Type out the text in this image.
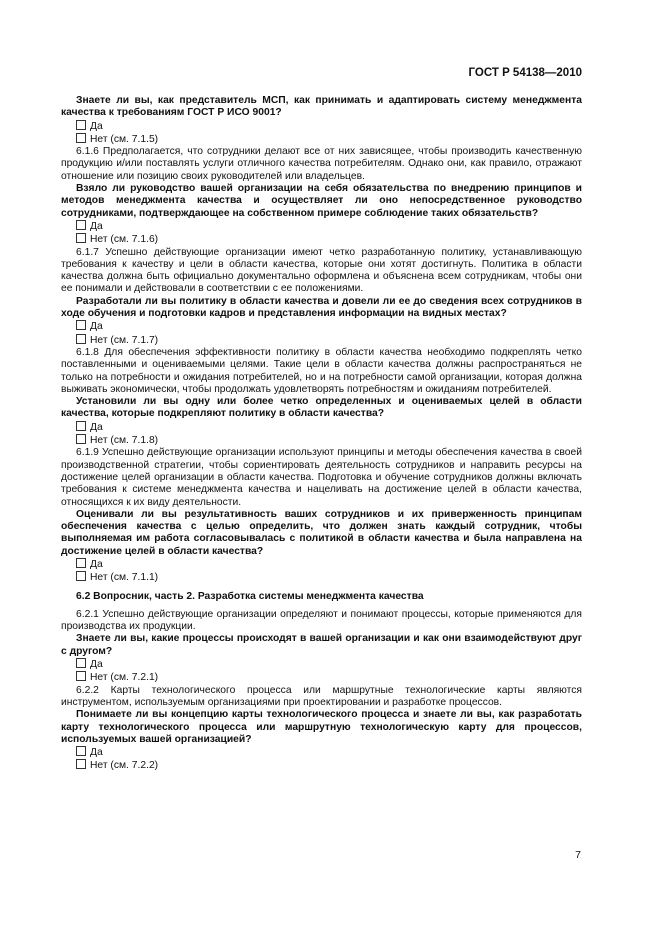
ГОСТ Р 54138—2010
Знаете ли вы, как представитель МСП, как принимать и адаптировать систему менеджмента качества к требованиям ГОСТ Р ИСО 9001?
Да
Нет (см. 7.1.5)
6.1.6 Предполагается, что сотрудники делают все от них зависящее, чтобы производить качественную продукцию и/или поставлять услуги отличного качества потребителям. Однако они, как правило, отражают отношение или позицию своих руководителей или владельцев.
Взяло ли руководство вашей организации на себя обязательства по внедрению принципов и методов менеджмента качества и осуществляет ли оно непосредственное руководство сотрудниками, подтверждающее на собственном примере соблюдение таких обязательств?
Да
Нет (см. 7.1.6)
6.1.7 Успешно действующие организации имеют четко разработанную политику, устанавливающую требования к качеству и цели в области качества, которые они хотят достигнуть. Политика в области качества должна быть официально документально оформлена и объяснена всем сотрудникам, чтобы они ее понимали и действовали в соответствии с ее положениями.
Разработали ли вы политику в области качества и довели ли ее до сведения всех сотрудников в ходе обучения и подготовки кадров и представления информации на видных местах?
Да
Нет (см. 7.1.7)
6.1.8 Для обеспечения эффективности политику в области качества необходимо подкреплять четко поставленными и оцениваемыми целями. Такие цели в области качества должны распространяться не только на потребности и ожидания потребителей, но и на потребности самой организации, которая должна выживать экономически, чтобы продолжать удовлетворять потребностям и ожиданиям потребителей.
Установили ли вы одну или более четко определенных и оцениваемых целей в области качества, которые подкрепляют политику в области качества?
Да
Нет (см. 7.1.8)
6.1.9 Успешно действующие организации используют принципы и методы обеспечения качества в своей производственной стратегии, чтобы сориентировать деятельность сотрудников и направить ресурсы на достижение целей организации в области качества. Подготовка и обучение сотрудников должны включать требования к системе менеджмента качества и нацеливать на достижение целей в области качества, относящихся к их виду деятельности.
Оценивали ли вы результативность ваших сотрудников и их приверженность принципам обеспечения качества с целью определить, что должен знать каждый сотрудник, чтобы выполняемая им работа согласовывалась с политикой в области качества и была направлена на достижение целей в области качества?
Да
Нет (см. 7.1.1)
6.2 Вопросник, часть 2. Разработка системы менеджмента качества
6.2.1 Успешно действующие организации определяют и понимают процессы, которые применяются для производства их продукции.
Знаете ли вы, какие процессы происходят в вашей организации и как они взаимодействуют друг с другом?
Да
Нет (см. 7.2.1)
6.2.2 Карты технологического процесса или маршрутные технологические карты являются инструментом, используемым организациями при проектировании и разработке процессов.
Понимаете ли вы концепцию карты технологического процесса и знаете ли вы, как разработать карту технологического процесса или маршрутную технологическую карту для процессов, используемых вашей организацией?
Да
Нет (см. 7.2.2)
7
